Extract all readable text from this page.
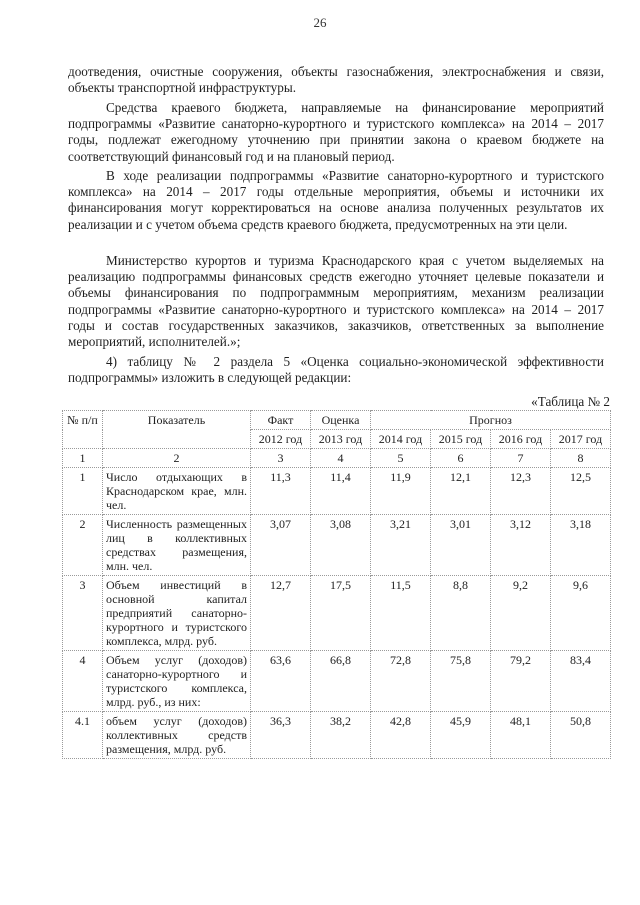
26

доотведения, очистные сооружения, объекты газоснабжения, электроснабжения и связи, объекты транспортной инфраструктуры.

Средства краевого бюджета, направляемые на финансирование мероприятий подпрограммы «Развитие санаторно-курортного и туристского комплекса» на 2014 – 2017 годы, подлежат ежегодному уточнению при принятии закона о краевом бюджете на соответствующий финансовый год и на плановый период.

В ходе реализации подпрограммы «Развитие санаторно-курортного и туристского комплекса» на 2014 – 2017 годы отдельные мероприятия, объемы и источники их финансирования могут корректироваться на основе анализа полученных результатов их реализации и с учетом объема средств краевого бюджета, предусмотренных на эти цели.

Министерство курортов и туризма Краснодарского края с учетом выделяемых на реализацию подпрограммы финансовых средств ежегодно уточняет целевые показатели и объемы финансирования по подпрограммным мероприятиям, механизм реализации подпрограммы «Развитие санаторно-курортного и туристского комплекса» на 2014 – 2017 годы и состав государственных заказчиков, заказчиков, ответственных за выполнение мероприятий, исполнителей.»;

4) таблицу № 2 раздела 5 «Оценка социально-экономической эффективности подпрограммы» изложить в следующей редакции:

«Таблица № 2
№ п/п	Показатель	Факт	Оценка	Прогноз			
		2012 год	2013 год	2014 год	2015 год	2016 год	2017 год
1	2	3	4	5	6	7	8
1	Число отдыхающих в Краснодарском крае, млн. чел.	11,3	11,4	11,9	12,1	12,3	12,5
2	Численность размещенных лиц в коллективных средствах размещения, млн. чел.	3,07	3,08	3,21	3,01	3,12	3,18
3	Объем инвестиций в основной капитал предприятий санаторно-курортного и туристского комплекса, млрд. руб.	12,7	17,5	11,5	8,8	9,2	9,6
4	Объем услуг (доходов) санаторно-курортного и туристского комплекса, млрд. руб., из них:	63,6	66,8	72,8	75,8	79,2	83,4
4.1	объем услуг (доходов) коллективных средств размещения, млрд. руб.	36,3	38,2	42,8	45,9	48,1	50,8
